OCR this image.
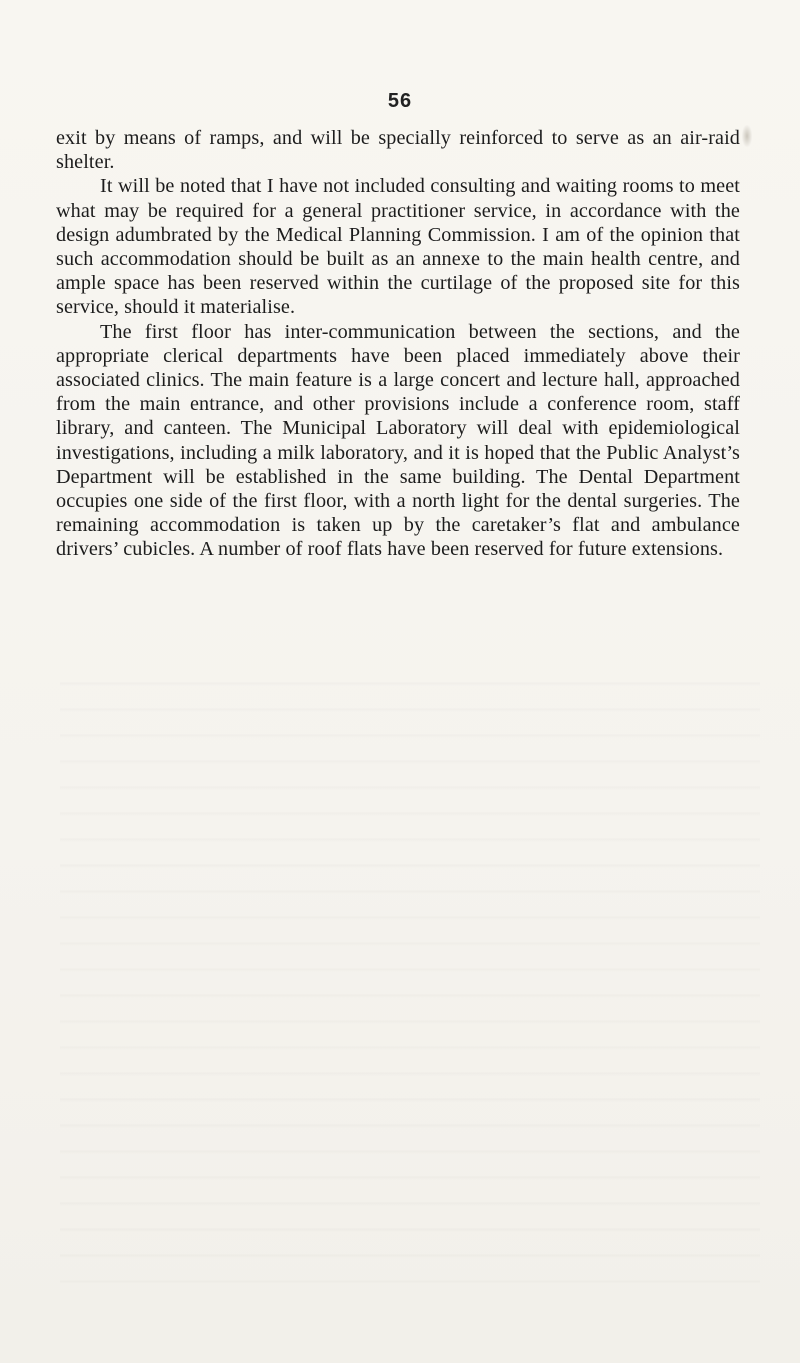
56

exit by means of ramps, and will be specially reinforced to serve as an air-raid shelter.

It will be noted that I have not included consulting and waiting rooms to meet what may be required for a general practitioner service, in accordance with the design adumbrated by the Medical Planning Commission. I am of the opinion that such accommodation should be built as an annexe to the main health centre, and ample space has been reserved within the curtilage of the proposed site for this service, should it materialise.

The first floor has inter-communication between the sections, and the appropriate clerical departments have been placed immediately above their associated clinics. The main feature is a large concert and lecture hall, approached from the main entrance, and other provisions include a conference room, staff library, and canteen. The Municipal Laboratory will deal with epidemiological investigations, including a milk laboratory, and it is hoped that the Public Analyst’s Department will be established in the same building. The Dental Department occupies one side of the first floor, with a north light for the dental surgeries. The remaining accommodation is taken up by the caretaker’s flat and ambulance drivers’ cubicles. A number of roof flats have been reserved for future extensions.
